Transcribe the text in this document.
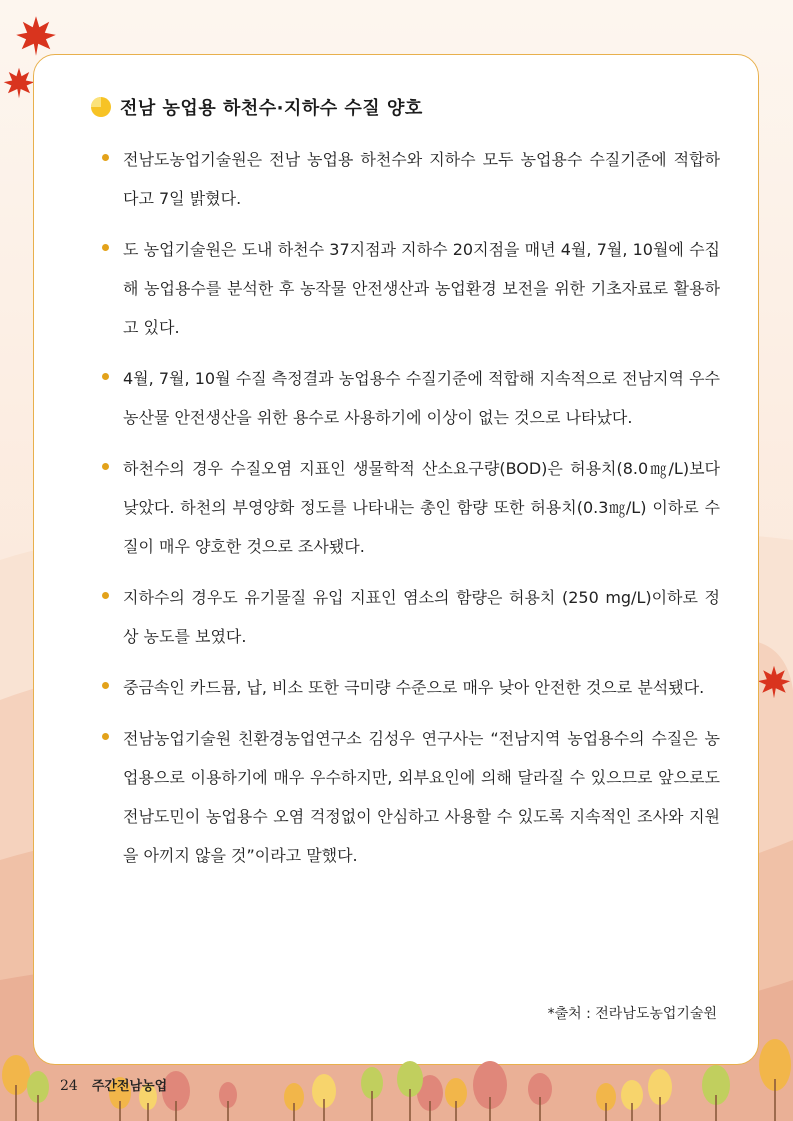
전남 농업용 하천수·지하수 수질 양호
전남도농업기술원은 전남 농업용 하천수와 지하수 모두 농업용수 수질기준에 적합하다고 7일 밝혔다.
도 농업기술원은 도내 하천수 37지점과 지하수 20지점을 매년 4월, 7월, 10월에 수집해 농업용수를 분석한 후 농작물 안전생산과 농업환경 보전을 위한 기초자료로 활용하고 있다.
4월, 7월, 10월 수질 측정결과 농업용수 수질기준에 적합해 지속적으로 전남지역 우수 농산물 안전생산을 위한 용수로 사용하기에 이상이 없는 것으로 나타났다.
하천수의 경우 수질오염 지표인 생물학적 산소요구량(BOD)은 허용치(8.0㎎/L)보다 낮았다. 하천의 부영양화 정도를 나타내는 총인 함량 또한 허용치(0.3㎎/L) 이하로 수질이 매우 양호한 것으로 조사됐다.
지하수의 경우도 유기물질 유입 지표인 염소의 함량은 허용치 (250 mg/L)이하로 정상 농도를 보였다.
중금속인 카드뮴, 납, 비소 또한 극미량 수준으로 매우 낮아 안전한 것으로 분석됐다.
전남농업기술원 친환경농업연구소 김성우 연구사는 “전남지역 농업용수의 수질은 농업용으로 이용하기에 매우 우수하지만, 외부요인에 의해 달라질 수 있으므로 앞으로도 전남도민이 농업용수 오염 걱정없이 안심하고 사용할 수 있도록 지속적인 조사와 지원을 아끼지 않을 것”이라고 말했다.
*출처 : 전라남도농업기술원
24 주간전남농업
